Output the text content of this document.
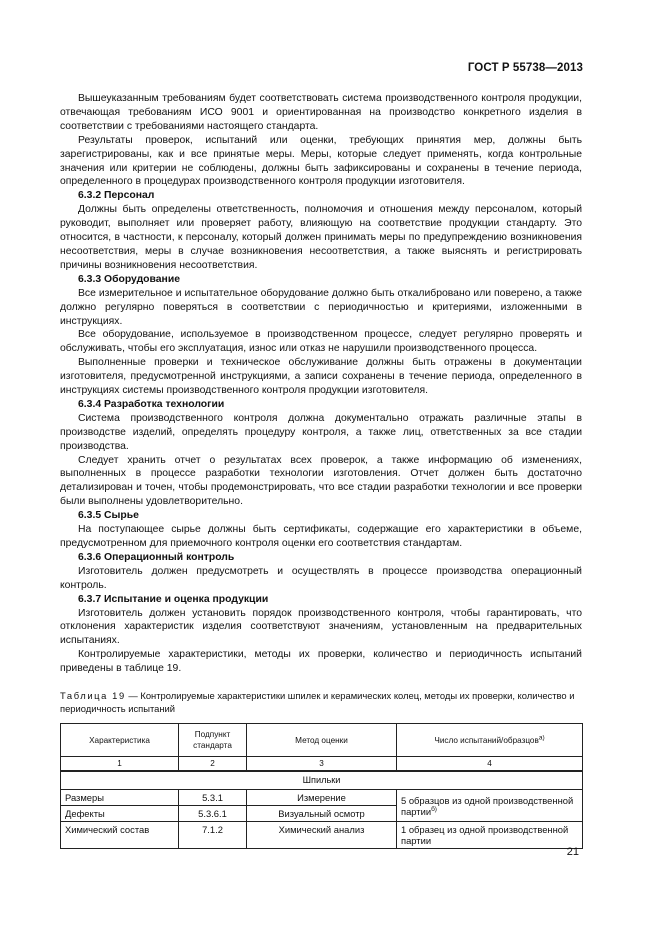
ГОСТ Р 55738—2013

Вышеуказанным требованиям будет соответствовать система производственного контроля продукции, отвечающая требованиям ИСО 9001 и ориентированная на производство конкретного изделия в соответствии с требованиями настоящего стандарта.

Результаты проверок, испытаний или оценки, требующих принятия мер, должны быть зарегистрированы, как и все принятые меры. Меры, которые следует применять, когда контрольные значения или критерии не соблюдены, должны быть зафиксированы и сохранены в течение периода, определенного в процедурах производственного контроля продукции изготовителя.

6.3.2 Персонал

Должны быть определены ответственность, полномочия и отношения между персоналом, который руководит, выполняет или проверяет работу, влияющую на соответствие продукции стандарту. Это относится, в частности, к персоналу, который должен принимать меры по предупреждению возникновения несоответствия, меры в случае возникновения несоответствия, а также выяснять и регистрировать причины возникновения несоответствия.

6.3.3 Оборудование

Все измерительное и испытательное оборудование должно быть откалибровано или поверено, а также должно регулярно поверяться в соответствии с периодичностью и критериями, изложенными в инструкциях.

Все оборудование, используемое в производственном процессе, следует регулярно проверять и обслуживать, чтобы его эксплуатация, износ или отказ не нарушили производственного процесса.

Выполненные проверки и техническое обслуживание должны быть отражены в документации изготовителя, предусмотренной инструкциями, а записи сохранены в течение периода, определенного в инструкциях системы производственного контроля продукции изготовителя.

6.3.4 Разработка технологии

Система производственного контроля должна документально отражать различные этапы в производстве изделий, определять процедуру контроля, а также лиц, ответственных за все стадии производства.

Следует хранить отчет о результатах всех проверок, а также информацию об изменениях, выполненных в процессе разработки технологии изготовления. Отчет должен быть достаточно детализирован и точен, чтобы продемонстрировать, что все стадии разработки технологии и все проверки были выполнены удовлетворительно.

6.3.5 Сырье

На поступающее сырье должны быть сертификаты, содержащие его характеристики в объеме, предусмотренном для приемочного контроля оценки его соответствия стандартам.

6.3.6 Операционный контроль

Изготовитель должен предусмотреть и осуществлять в процессе производства операционный контроль.

6.3.7 Испытание и оценка продукции

Изготовитель должен установить порядок производственного контроля, чтобы гарантировать, что отклонения характеристик изделия соответствуют значениям, установленным на предварительных испытаниях.

Контролируемые характеристики, методы их проверки, количество и периодичность испытаний приведены в таблице 19.

Таблица 19 — Контролируемые характеристики шпилек и керамических колец, методы их проверки, количество и периодичность испытаний
Характеристика	Подпункт стандарта	Метод оценки	Число испытаний/образцов$^{а)}$
1	2	3	4
Шпильки			
Размеры	5.3.1	Измерение	5 образцов из одной производственной партии$^{б)}$
Дефекты	5.3.6.1	Визуальный осмотр	
Химический состав	7.1.2	Химический анализ	1 образец из одной производственной партии
21
